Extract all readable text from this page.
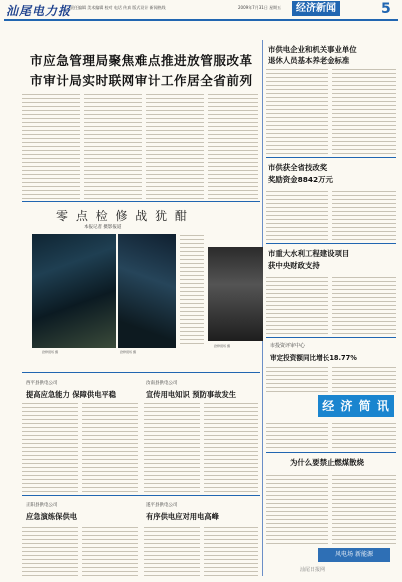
汕尾电力报
责任编辑 美术编辑 校对 电话 传真 版式设计 新闻热线	2009年7月31日 星期五	经济新闻	5
市应急管理局聚焦难点推进放管服改革
市审计局实时联网审计工作居全省前列
零 点 检 修 战 犹 酣
本报记者 摄影报道
抢修现场 摄	抢修现场 摄
抢修现场 摄
西平县供电公司
提高应急能力 保障供电平稳
汝南县供电公司
宣传用电知识 预防事故发生
正阳县供电公司
应急演练保供电
遂平县供电公司
有序供电应对用电高峰
市供电企业和机关事业单位
退休人员基本养老金标准
市供获全省技改奖
奖励资金8842万元
市重大水利工程建设项目
获中央财政支持
市投资评审中心
审定投资额同比增长18.77%
经 济 简 讯
为什么要禁止燃煤散烧
风电场 新能源
汕尾日报网
